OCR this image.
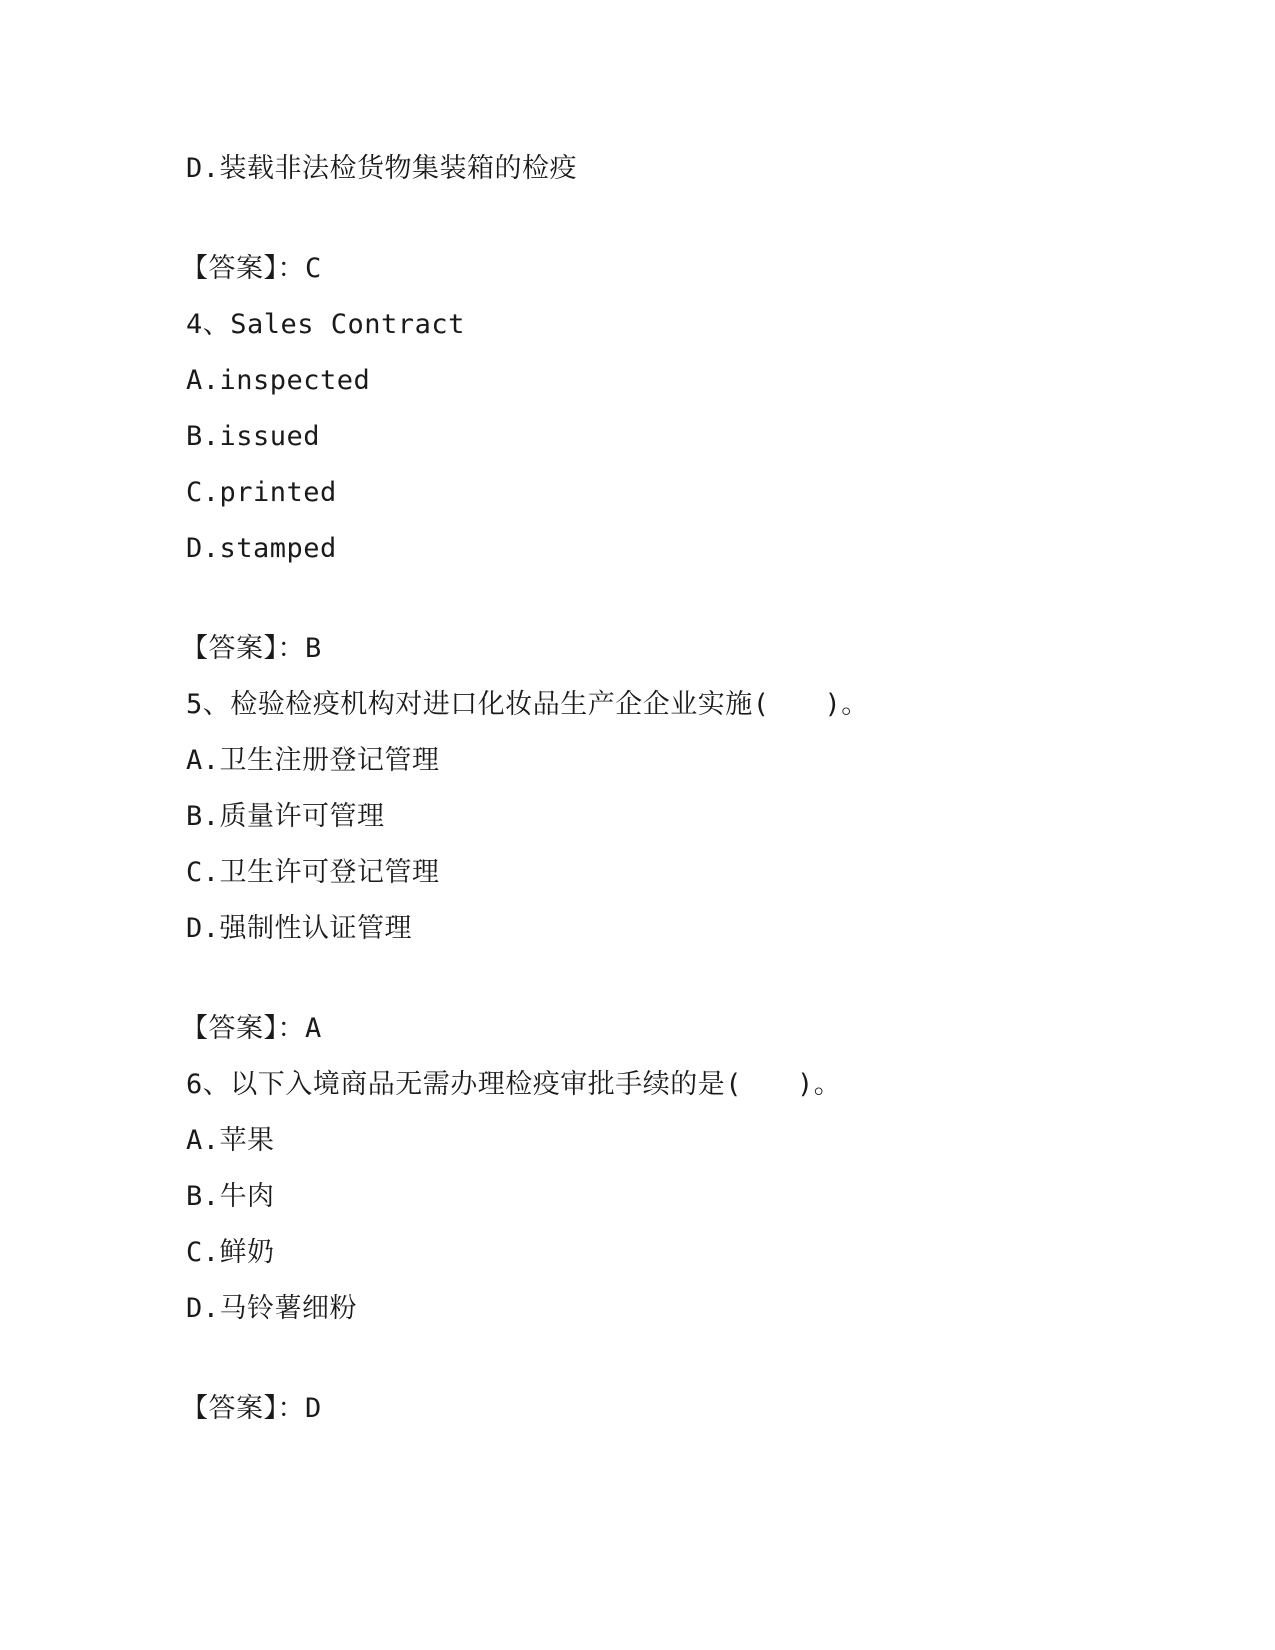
D.装载非法检货物集装箱的检疫
【答案】：C
4、Sales Contract
A.inspected
B.issued
C.printed
D.stamped
【答案】：B
5、检验检疫机构对进口化妆品生产企企业实施(　　)。
A.卫生注册登记管理
B.质量许可管理
C.卫生许可登记管理
D.强制性认证管理
【答案】：A
6、以下入境商品无需办理检疫审批手续的是(　　)。
A.苹果
B.牛肉
C.鲜奶
D.马铃薯细粉
【答案】：D
